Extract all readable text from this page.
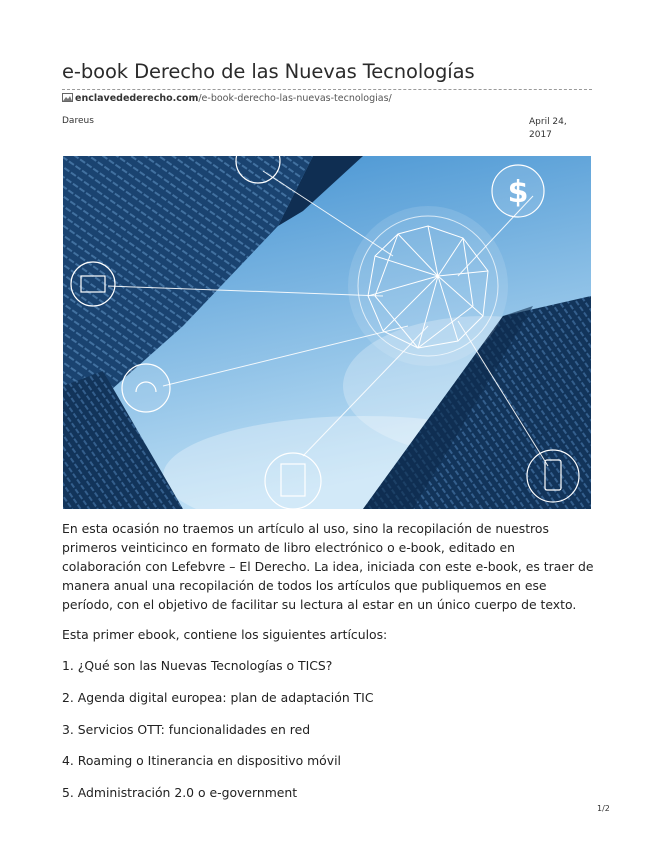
e-book Derecho de las Nuevas Tecnologías
enclavedederecho.com/e-book-derecho-las-nuevas-tecnologias/
Dareus	April 24,
2017
$

En esta ocasión no traemos un artículo al uso, sino la recopilación de nuestros primeros veinticinco en formato de libro electrónico o e-book, editado en colaboración con Lefebvre – El Derecho. La idea, iniciada con este e-book, es traer de manera anual una recopilación de todos los artículos que publiquemos en ese período, con el objetivo de facilitar su lectura al estar en un único cuerpo de texto.

Esta primer ebook, contiene los siguientes artículos:

1. ¿Qué son las Nuevas Tecnologías o TICS?

2. Agenda digital europea: plan de adaptación TIC

3. Servicios OTT: funcionalidades en red

4. Roaming o Itinerancia en dispositivo móvil

5. Administración 2.0 o e-government

1/2
